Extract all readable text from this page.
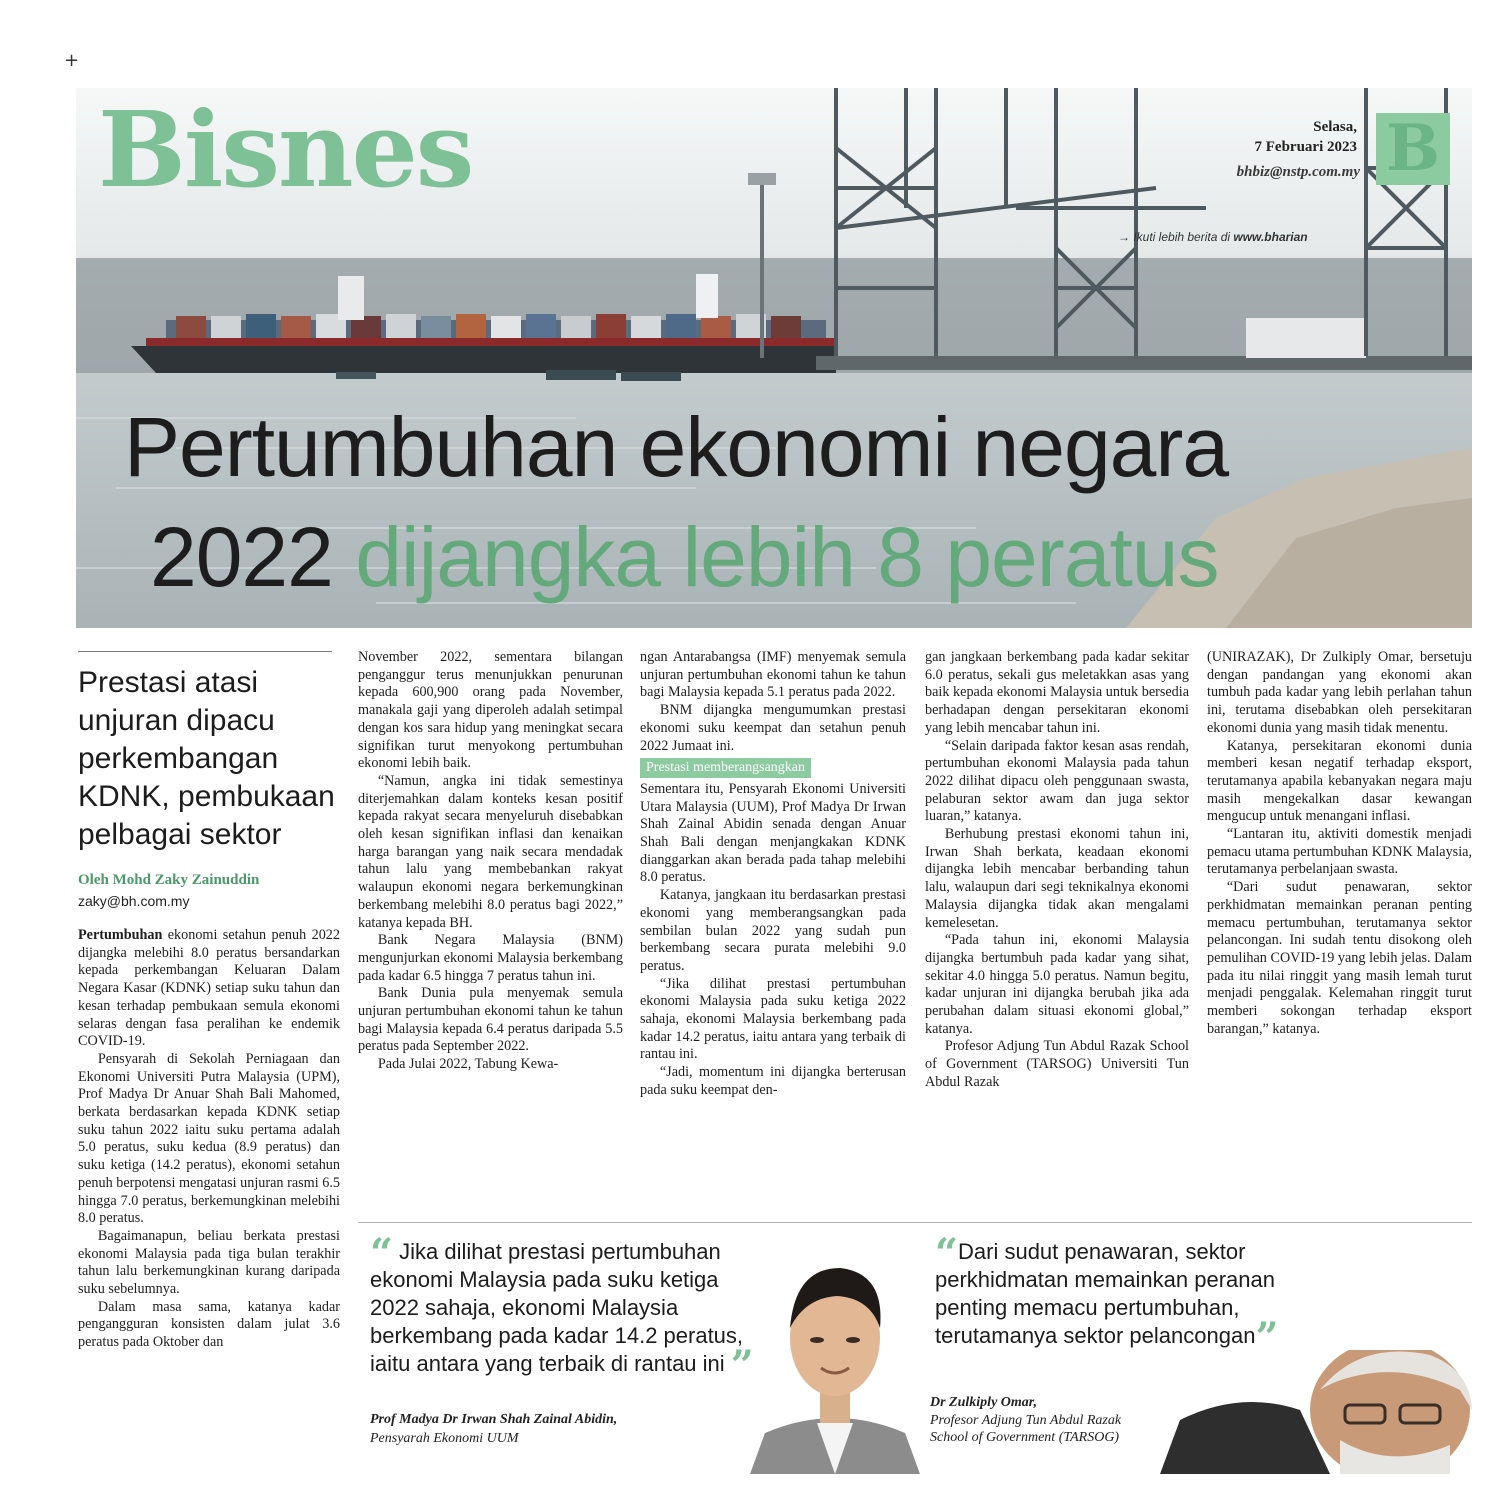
+
Bisnes	Selasa,
7 Februari 2023
bhbiz@nstp.com.my B
→ Ikuti lebih berita di www.bharian
Pertumbuhan ekonomi negara
2022 dijangka lebih 8 peratus
Prestasi atasi unjuran dipacu perkembangan KDNK, pembukaan pelbagai sektor
Oleh Mohd Zaky Zainuddin
zaky@bh.com.my

Pertumbuhan ekonomi setahun penuh 2022 dijangka melebihi 8.0 peratus bersandarkan kepada perkembangan Keluaran Dalam Negara Kasar (KDNK) setiap suku tahun dan kesan terhadap pembukaan semula ekonomi selaras dengan fasa peralihan ke endemik COVID-19.

Pensyarah di Sekolah Perniagaan dan Ekonomi Universiti Putra Malaysia (UPM), Prof Madya Dr Anuar Shah Bali Mahomed, berkata berdasarkan kepada KDNK setiap suku tahun 2022 iaitu suku pertama adalah 5.0 peratus, suku kedua (8.9 peratus) dan suku ketiga (14.2 peratus), ekonomi setahun penuh berpotensi mengatasi unjuran rasmi 6.5 hingga 7.0 peratus, berkemungkinan melebihi 8.0 peratus.

Bagaimanapun, beliau berkata prestasi ekonomi Malaysia pada tiga bulan terakhir tahun lalu berkemungkinan kurang daripada suku sebelumnya.

Dalam masa sama, katanya kadar pengangguran konsisten dalam julat 3.6 peratus pada Oktober dan

November 2022, sementara bilangan penganggur terus menunjukkan penurunan kepada 600,900 orang pada November, manakala gaji yang diperoleh adalah setimpal dengan kos sara hidup yang meningkat secara signifikan turut menyokong pertumbuhan ekonomi lebih baik.

“Namun, angka ini tidak semestinya diterjemahkan dalam konteks kesan positif kepada rakyat secara menyeluruh disebabkan oleh kesan signifikan inflasi dan kenaikan harga barangan yang naik secara mendadak tahun lalu yang membebankan rakyat walaupun ekonomi negara berkemungkinan berkembang melebihi 8.0 peratus bagi 2022,” katanya kepada BH.

Bank Negara Malaysia (BNM) mengunjurkan ekonomi Malaysia berkembang pada kadar 6.5 hingga 7 peratus tahun ini.

Bank Dunia pula menyemak semula unjuran pertumbuhan ekonomi tahun ke tahun bagi Malaysia kepada 6.4 peratus daripada 5.5 peratus pada September 2022.

Pada Julai 2022, Tabung Kewa-

ngan Antarabangsa (IMF) menyemak semula unjuran pertumbuhan ekonomi tahun ke tahun bagi Malaysia kepada 5.1 peratus pada 2022.

BNM dijangka mengumumkan prestasi ekonomi suku keempat dan setahun penuh 2022 Jumaat ini.

Prestasi memberangsangkan

Sementara itu, Pensyarah Ekonomi Universiti Utara Malaysia (UUM), Prof Madya Dr Irwan Shah Zainal Abidin senada dengan Anuar Shah Bali dengan menjangkakan KDNK dianggarkan akan berada pada tahap melebihi 8.0 peratus.

Katanya, jangkaan itu berdasarkan prestasi ekonomi yang memberangsangkan pada sembilan bulan 2022 yang sudah pun berkembang secara purata melebihi 9.0 peratus.

“Jika dilihat prestasi pertumbuhan ekonomi Malaysia pada suku ketiga 2022 sahaja, ekonomi Malaysia berkembang pada kadar 14.2 peratus, iaitu antara yang terbaik di rantau ini.

“Jadi, momentum ini dijangka berterusan pada suku keempat den-

gan jangkaan berkembang pada kadar sekitar 6.0 peratus, sekali gus meletakkan asas yang baik kepada ekonomi Malaysia untuk bersedia berhadapan dengan persekitaran ekonomi yang lebih mencabar tahun ini.

“Selain daripada faktor kesan asas rendah, pertumbuhan ekonomi Malaysia pada tahun 2022 dilihat dipacu oleh penggunaan swasta, pelaburan sektor awam dan juga sektor luaran,” katanya.

Berhubung prestasi ekonomi tahun ini, Irwan Shah berkata, keadaan ekonomi dijangka lebih mencabar berbanding tahun lalu, walaupun dari segi teknikalnya ekonomi Malaysia dijangka tidak akan mengalami kemelesetan.

“Pada tahun ini, ekonomi Malaysia dijangka bertumbuh pada kadar yang sihat, sekitar 4.0 hingga 5.0 peratus. Namun begitu, kadar unjuran ini dijangka berubah jika ada perubahan dalam situasi ekonomi global,” katanya.

Profesor Adjung Tun Abdul Razak School of Government (TARSOG) Universiti Tun Abdul Razak

(UNIRAZAK), Dr Zulkiply Omar, bersetuju dengan pandangan yang ekonomi akan tumbuh pada kadar yang lebih perlahan tahun ini, terutama disebabkan oleh persekitaran ekonomi dunia yang masih tidak menentu.

Katanya, persekitaran ekonomi dunia memberi kesan negatif terhadap eksport, terutamanya apabila kebanyakan negara maju masih mengekalkan dasar kewangan mengucup untuk menangani inflasi.

“Lantaran itu, aktiviti domestik menjadi pemacu utama pertumbuhan KDNK Malaysia, terutamanya perbelanjaan swasta.

“Dari sudut penawaran, sektor perkhidmatan memainkan peranan penting memacu pertumbuhan, terutamanya sektor pelancongan. Ini sudah tentu disokong oleh pemulihan COVID-19 yang lebih jelas. Dalam pada itu nilai ringgit yang masih lemah turut menjadi penggalak. Kelemahan ringgit turut memberi sokongan terhadap eksport barangan,” katanya.

“ Jika dilihat prestasi pertumbuhan ekonomi Malaysia pada suku ketiga 2022 sahaja, ekonomi Malaysia berkembang pada kadar 14.2 peratus, iaitu antara yang terbaik di rantau ini ”
Prof Madya Dr Irwan Shah Zainal Abidin,
Pensyarah Ekonomi UUM
“Dari sudut penawaran, sektor perkhidmatan memainkan peranan penting memacu pertumbuhan, terutamanya sektor pelancongan”
Dr Zulkiply Omar,
Profesor Adjung Tun Abdul Razak
School of Government (TARSOG)
